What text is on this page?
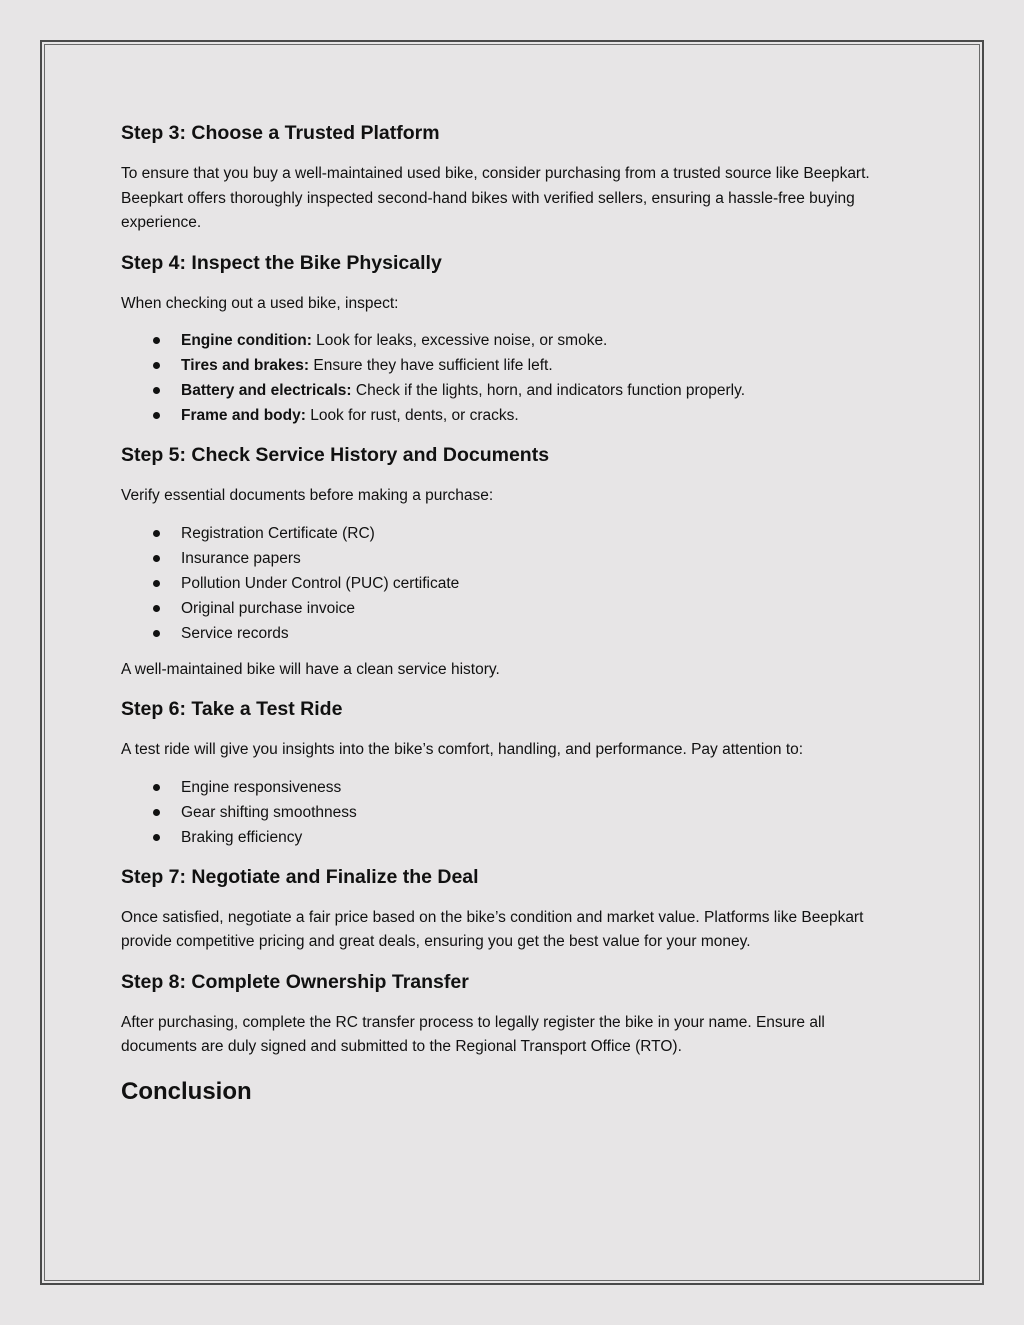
Step 3: Choose a Trusted Platform

To ensure that you buy a well-maintained used bike, consider purchasing from a trusted source like Beepkart. Beepkart offers thoroughly inspected second-hand bikes with verified sellers, ensuring a hassle-free buying experience.

Step 4: Inspect the Bike Physically

When checking out a used bike, inspect:

Engine condition: Look for leaks, excessive noise, or smoke.
Tires and brakes: Ensure they have sufficient life left.
Battery and electricals: Check if the lights, horn, and indicators function properly.
Frame and body: Look for rust, dents, or cracks.
Step 5: Check Service History and Documents

Verify essential documents before making a purchase:

Registration Certificate (RC)
Insurance papers
Pollution Under Control (PUC) certificate
Original purchase invoice
Service records

A well-maintained bike will have a clean service history.

Step 6: Take a Test Ride

A test ride will give you insights into the bike’s comfort, handling, and performance. Pay attention to:

Engine responsiveness
Gear shifting smoothness
Braking efficiency
Step 7: Negotiate and Finalize the Deal

Once satisfied, negotiate a fair price based on the bike’s condition and market value. Platforms like Beepkart provide competitive pricing and great deals, ensuring you get the best value for your money.

Step 8: Complete Ownership Transfer

After purchasing, complete the RC transfer process to legally register the bike in your name. Ensure all documents are duly signed and submitted to the Regional Transport Office (RTO).

Conclusion
